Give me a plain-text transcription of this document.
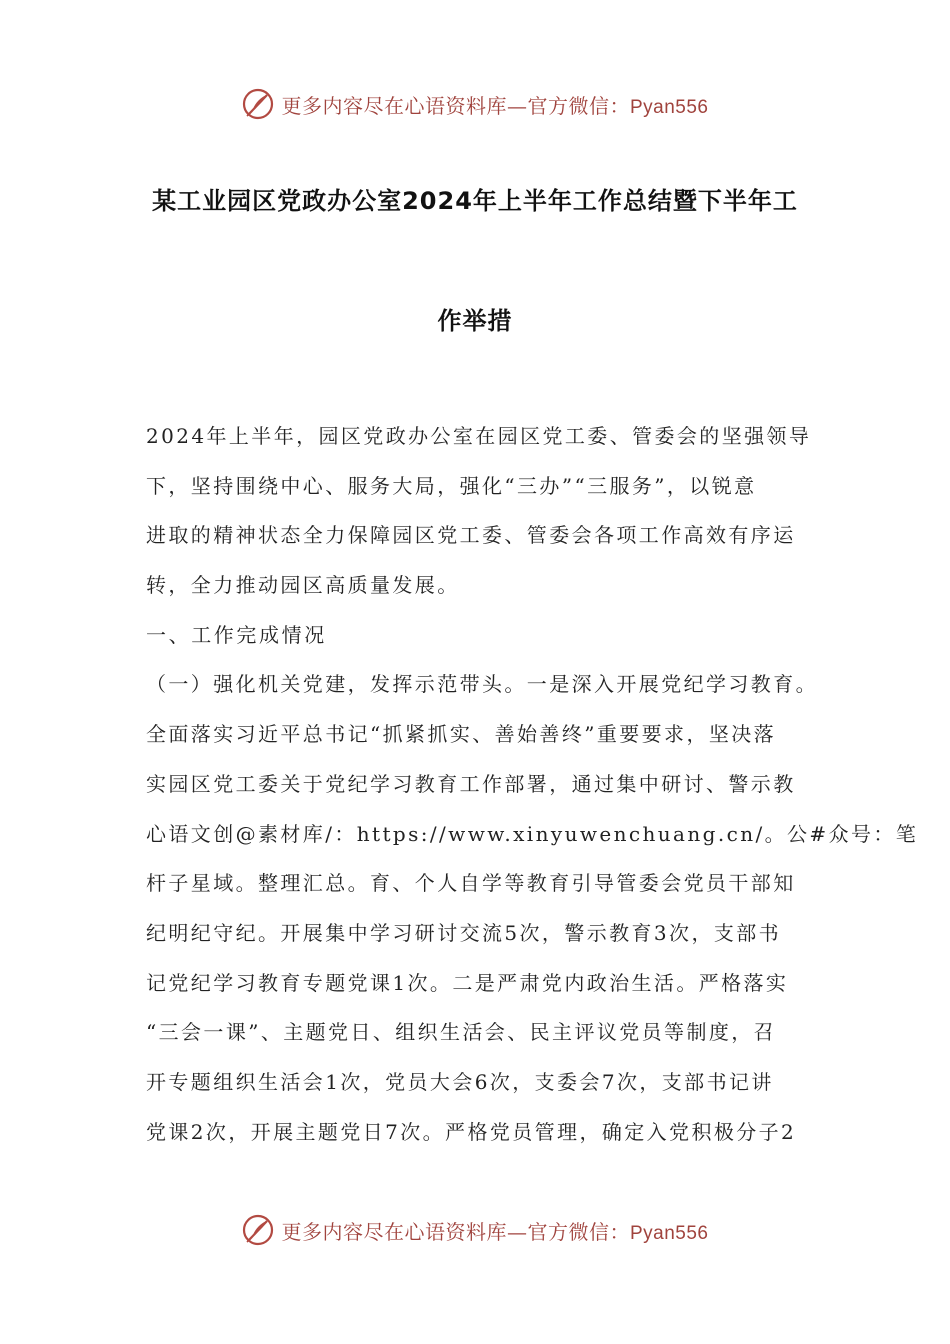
更多内容尽在心语资料库—官方微信：Pyan556
某工业园区党政办公室2024年上半年工作总结暨下半年工
作举措
2024年上半年，园区党政办公室在园区党工委、管委会的坚强领导
下，坚持围绕中心、服务大局，强化“三办”“三服务”，以锐意
进取的精神状态全力保障园区党工委、管委会各项工作高效有序运
转，全力推动园区高质量发展。
一、工作完成情况
（一）强化机关党建，发挥示范带头。一是深入开展党纪学习教育。
全面落实习近平总书记“抓紧抓实、善始善终”重要要求，坚决落
实园区党工委关于党纪学习教育工作部署，通过集中研讨、警示教
心语文创@素材库/：https://www.xinyuwenchuang.cn/。公#众号：笔
杆子星域。整理汇总。育、个人自学等教育引导管委会党员干部知
纪明纪守纪。开展集中学习研讨交流5次，警示教育3次，支部书
记党纪学习教育专题党课1次。二是严肃党内政治生活。严格落实
“三会一课”、主题党日、组织生活会、民主评议党员等制度，召
开专题组织生活会1次，党员大会6次，支委会7次，支部书记讲
党课2次，开展主题党日7次。严格党员管理，确定入党积极分子2
更多内容尽在心语资料库—官方微信：Pyan556
